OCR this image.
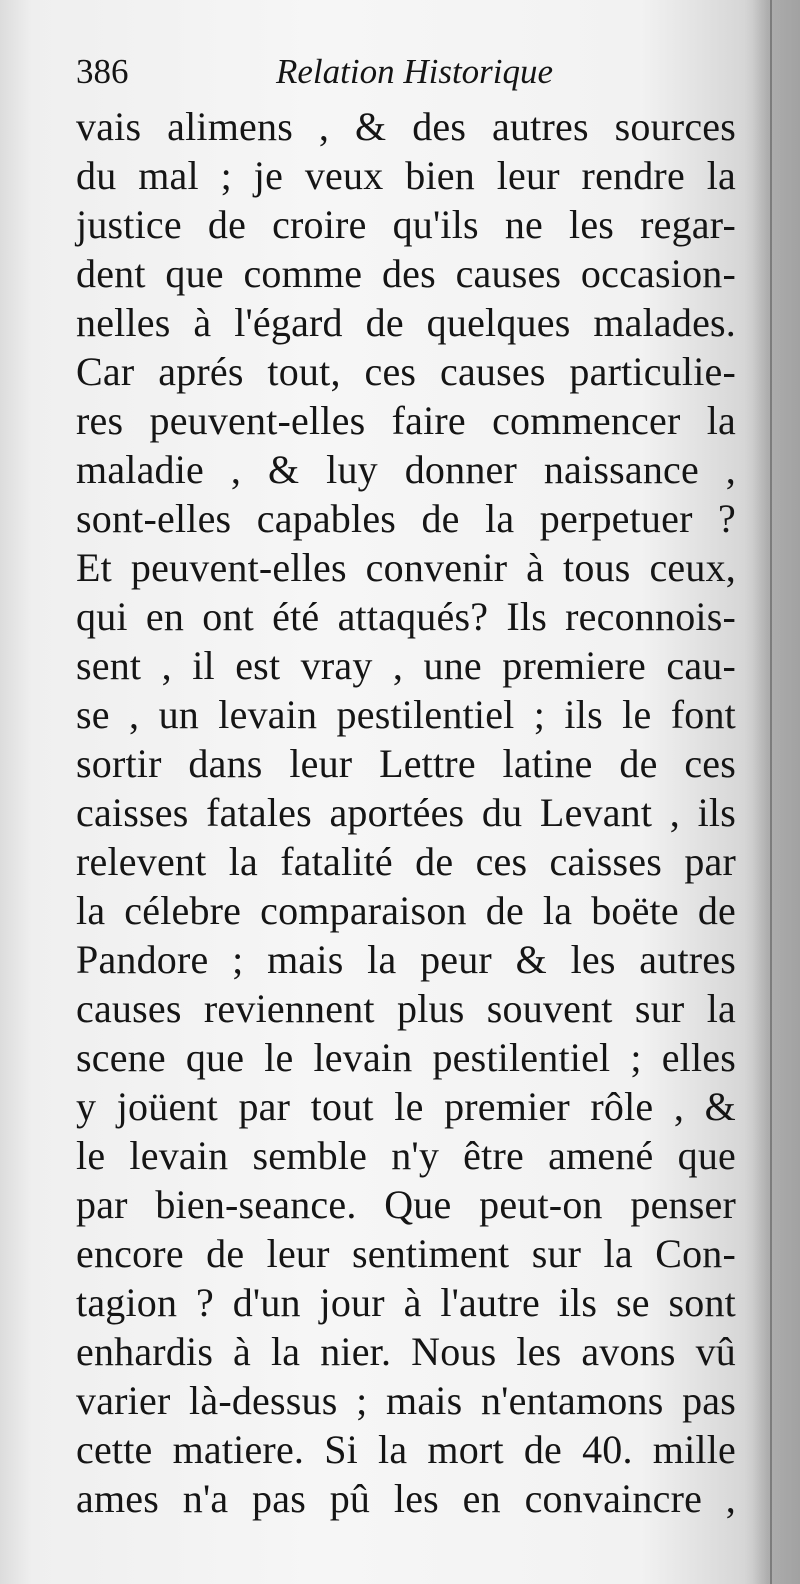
386	Relation Historique
vais alimens , & des autres sources
du mal ; je veux bien leur rendre la
justice de croire qu'ils ne les regar-
dent que comme des causes occasion-
nelles à l'égard de quelques malades.
Car aprés tout, ces causes particulie-
res peuvent-elles faire commencer la
maladie , & luy donner naissance ,
sont-elles capables de la perpetuer ?
Et peuvent-elles convenir à tous ceux,
qui en ont été attaqués? Ils reconnois-
sent , il est vray , une premiere cau-
se , un levain pestilentiel ; ils le font
sortir dans leur Lettre latine de ces
caisses fatales aportées du Levant , ils
relevent la fatalité de ces caisses par
la célebre comparaison de la boëte de
Pandore ; mais la peur & les autres
causes reviennent plus souvent sur la
scene que le levain pestilentiel ; elles
y joüent par tout le premier rôle , &
le levain semble n'y être amené que
par bien-seance. Que peut-on penser
encore de leur sentiment sur la Con-
tagion ? d'un jour à l'autre ils se sont
enhardis à la nier. Nous les avons vû
varier là-dessus ; mais n'entamons pas
cette matiere. Si la mort de 40. mille
ames n'a pas pû les en convaincre ,
